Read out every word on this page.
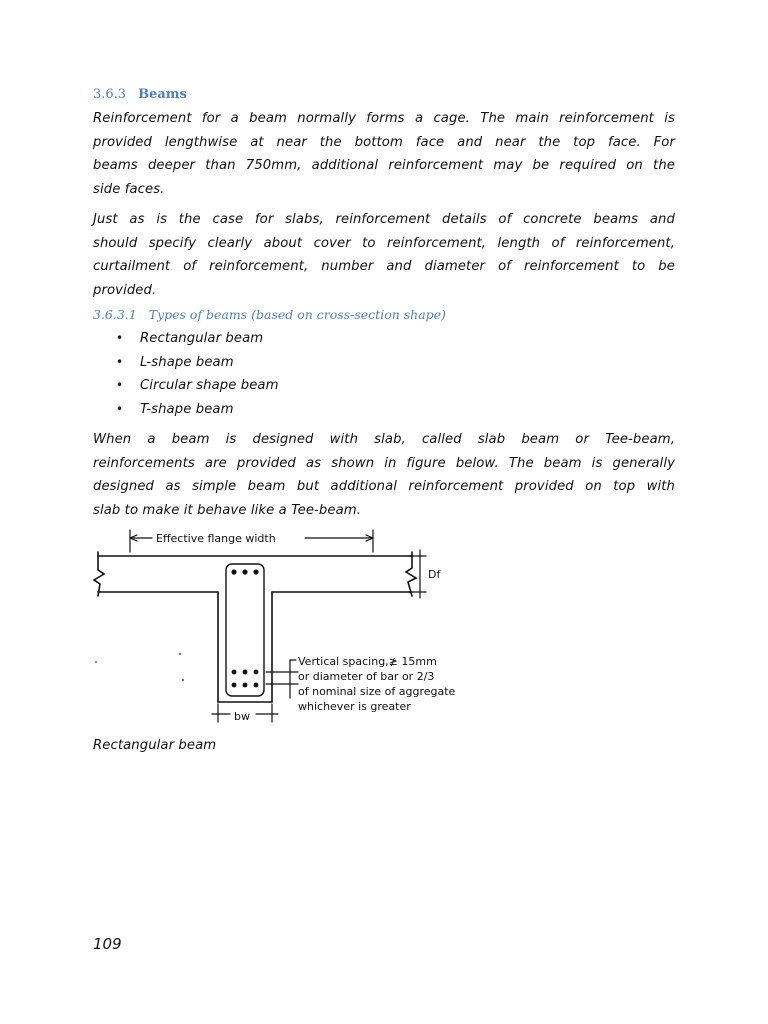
3.6.3 Beams
Reinforcement for a beam normally forms a cage. The main reinforcement is
provided lengthwise at near the bottom face and near the top face. For
beams deeper than 750mm, additional reinforcement may be required on the
side faces.
Just as is the case for slabs, reinforcement details of concrete beams and
should specify clearly about cover to reinforcement, length of reinforcement,
curtailment of reinforcement, number and diameter of reinforcement to be
provided.
3.6.3.1 Types of beams (based on cross-section shape)
• Rectangular beam
• L-shape beam
• Circular shape beam
• T-shape beam
When a beam is designed with slab, called slab beam or Tee-beam,
reinforcements are provided as shown in figure below. The beam is generally
designed as simple beam but additional reinforcement provided on top with
slab to make it behave like a Tee-beam.
Effective flange width
Df
bw
Vertical spacing,≱ 15mm
or diameter of bar or 2/3
of nominal size of aggregate
whichever is greater
Rectangular beam
109
